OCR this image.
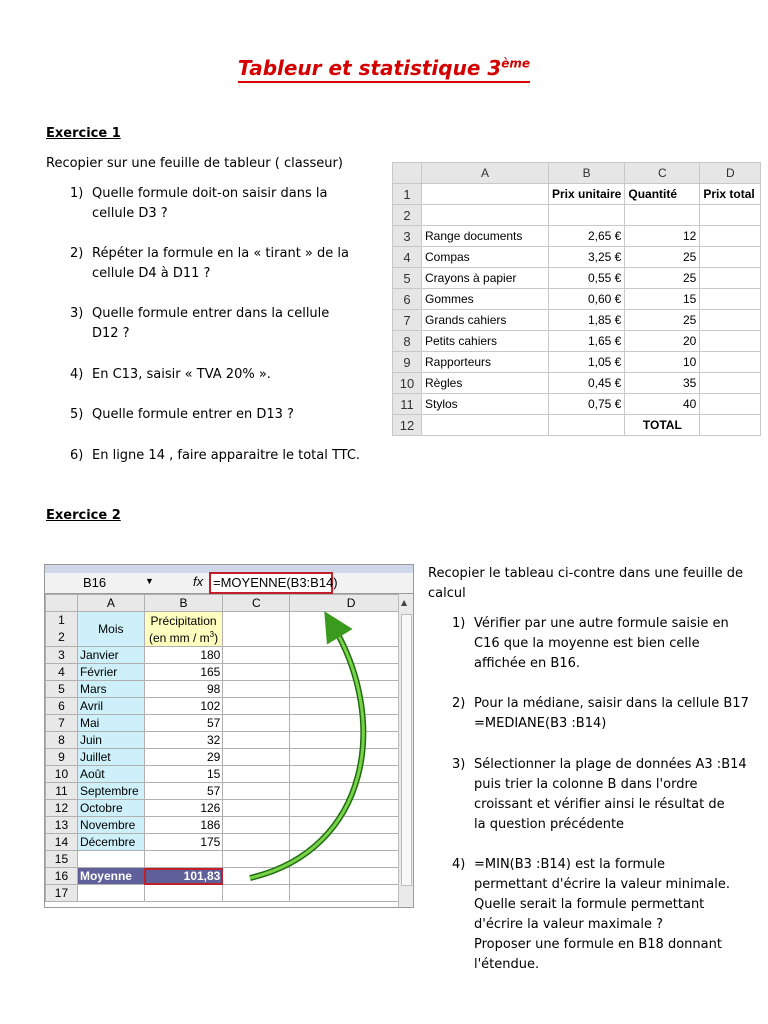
Tableur et statistique 3ème
Exercice 1
Recopier sur une feuille de tableur ( classeur)
1) Quelle formule doit-on saisir dans la
cellule D3 ?
2) Répéter la formule en la « tirant » de la
cellule D4 à D11 ?
3) Quelle formule entrer dans la cellule
D12 ?
4) En C13, saisir « TVA 20% ».
5) Quelle formule entrer en D13 ?
6) En ligne 14 , faire apparaitre le total TTC.
	A	B	C	D
1		Prix unitaire	Quantité	Prix total
2				
3	Range documents	2,65 €	12	
4	Compas	3,25 €	25	
5	Crayons à papier	0,55 €	25	
6	Gommes	0,60 €	15	
7	Grands cahiers	1,85 €	25	
8	Petits cahiers	1,65 €	20	
9	Rapporteurs	1,05 €	10	
10	Règles	0,45 €	35	
11	Stylos	0,75 €	40	
12			TOTAL	
Exercice 2
B16	▼	fx =MOYENNE(B3:B14)
	A	B	C	D
1
2	Mois	Précipitation
(en mm / $m^3$)		
3	Janvier	180		
4	Février	165		
5	Mars	98		
6	Avril	102		
7	Mai	57		
8	Juin	32		
9	Juillet	29		
10	Août	15		
11	Septembre	57		
12	Octobre	126		
13	Novembre	186		
14	Décembre	175		
15				
16	Moyenne	101,83		
17				
▲
Recopier le tableau ci-contre dans une feuille de
calcul
1) Vérifier par une autre formule saisie en
C16 que la moyenne est bien celle
affichée en B16.
2) Pour la médiane, saisir dans la cellule B17
=MEDIANE(B3 :B14)
3) Sélectionner la plage de données A3 :B14
puis trier la colonne B dans l'ordre
croissant et vérifier ainsi le résultat de
la question précédente
4) =MIN(B3 :B14) est la formule
permettant d'écrire la valeur minimale.
Quelle serait la formule permettant
d'écrire la valeur maximale ?
Proposer une formule en B18 donnant
l'étendue.
